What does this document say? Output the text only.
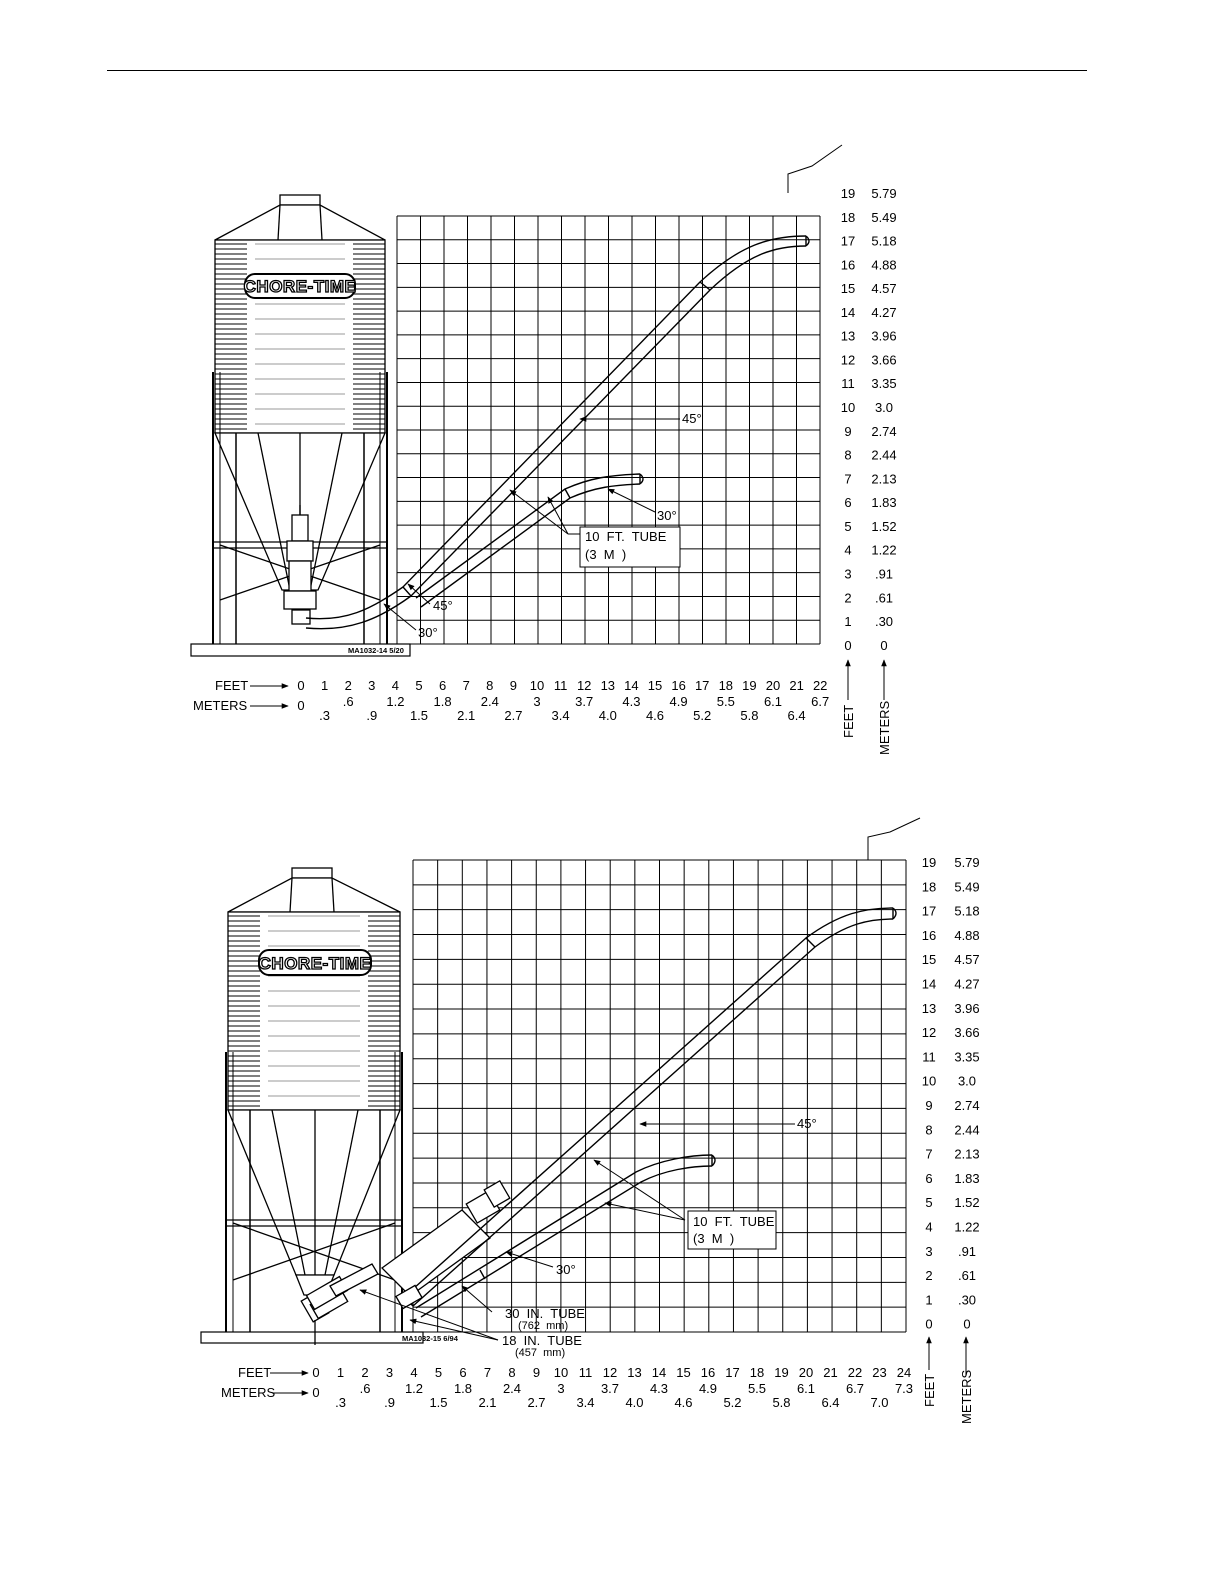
MA1032-14 5/20
CHORE-TIME
45°
30°
10  FT.  TUBE
(3  M  )
45°
30°
19 5.79
18 5.49
17 5.18
16 4.88
15 4.57
14 4.27
13 3.96
12 3.66
11 3.35
10 3.0
9 2.74
8 2.44
7 2.13
6 1.83
5 1.52
4 1.22
3 .91
2 .61
1 .30
0 0
0 1 2 3 4 5 6 7 8 9 10 11 12 13 14 15 16 17 18 19 20 21 22
0	.6	1.2 1.8 2.4	3	3.7 4.3 4.9 5.5 6.1 6.7
.3	.9	1.5 2.1 2.7 3.4 4.0 4.6 5.2 5.8 6.4
FEET
METERS	FEET METERS
MA1032-15 6/94
CHORE-TIME
45°
30°
10  FT.  TUBE
(3  M  )
30  IN.  TUBE
(762  mm)
18  IN.  TUBE
(457  mm)
19 5.79
18 5.49
17 5.18
16 4.88
15 4.57
14 4.27
13 3.96
12 3.66
11 3.35
10 3.0
9 2.74
8 2.44
7 2.13
6 1.83
5 1.52
4 1.22
3 .91
2 .61
1 .30
0 0
0 1 2 3 4 5 6 7 8 9 10 11 12 13 14 15 16 17 18 19 20 21 22 23 24
0	.6	1.2 1.8 2.4	3	3.7 4.3 4.9 5.5 6.1 6.7 7.3
.3	.9	1.5 2.1 2.7 3.4 4.0 4.6 5.2 5.8 6.4 7.0
FEET
METERS	FEET METERS
